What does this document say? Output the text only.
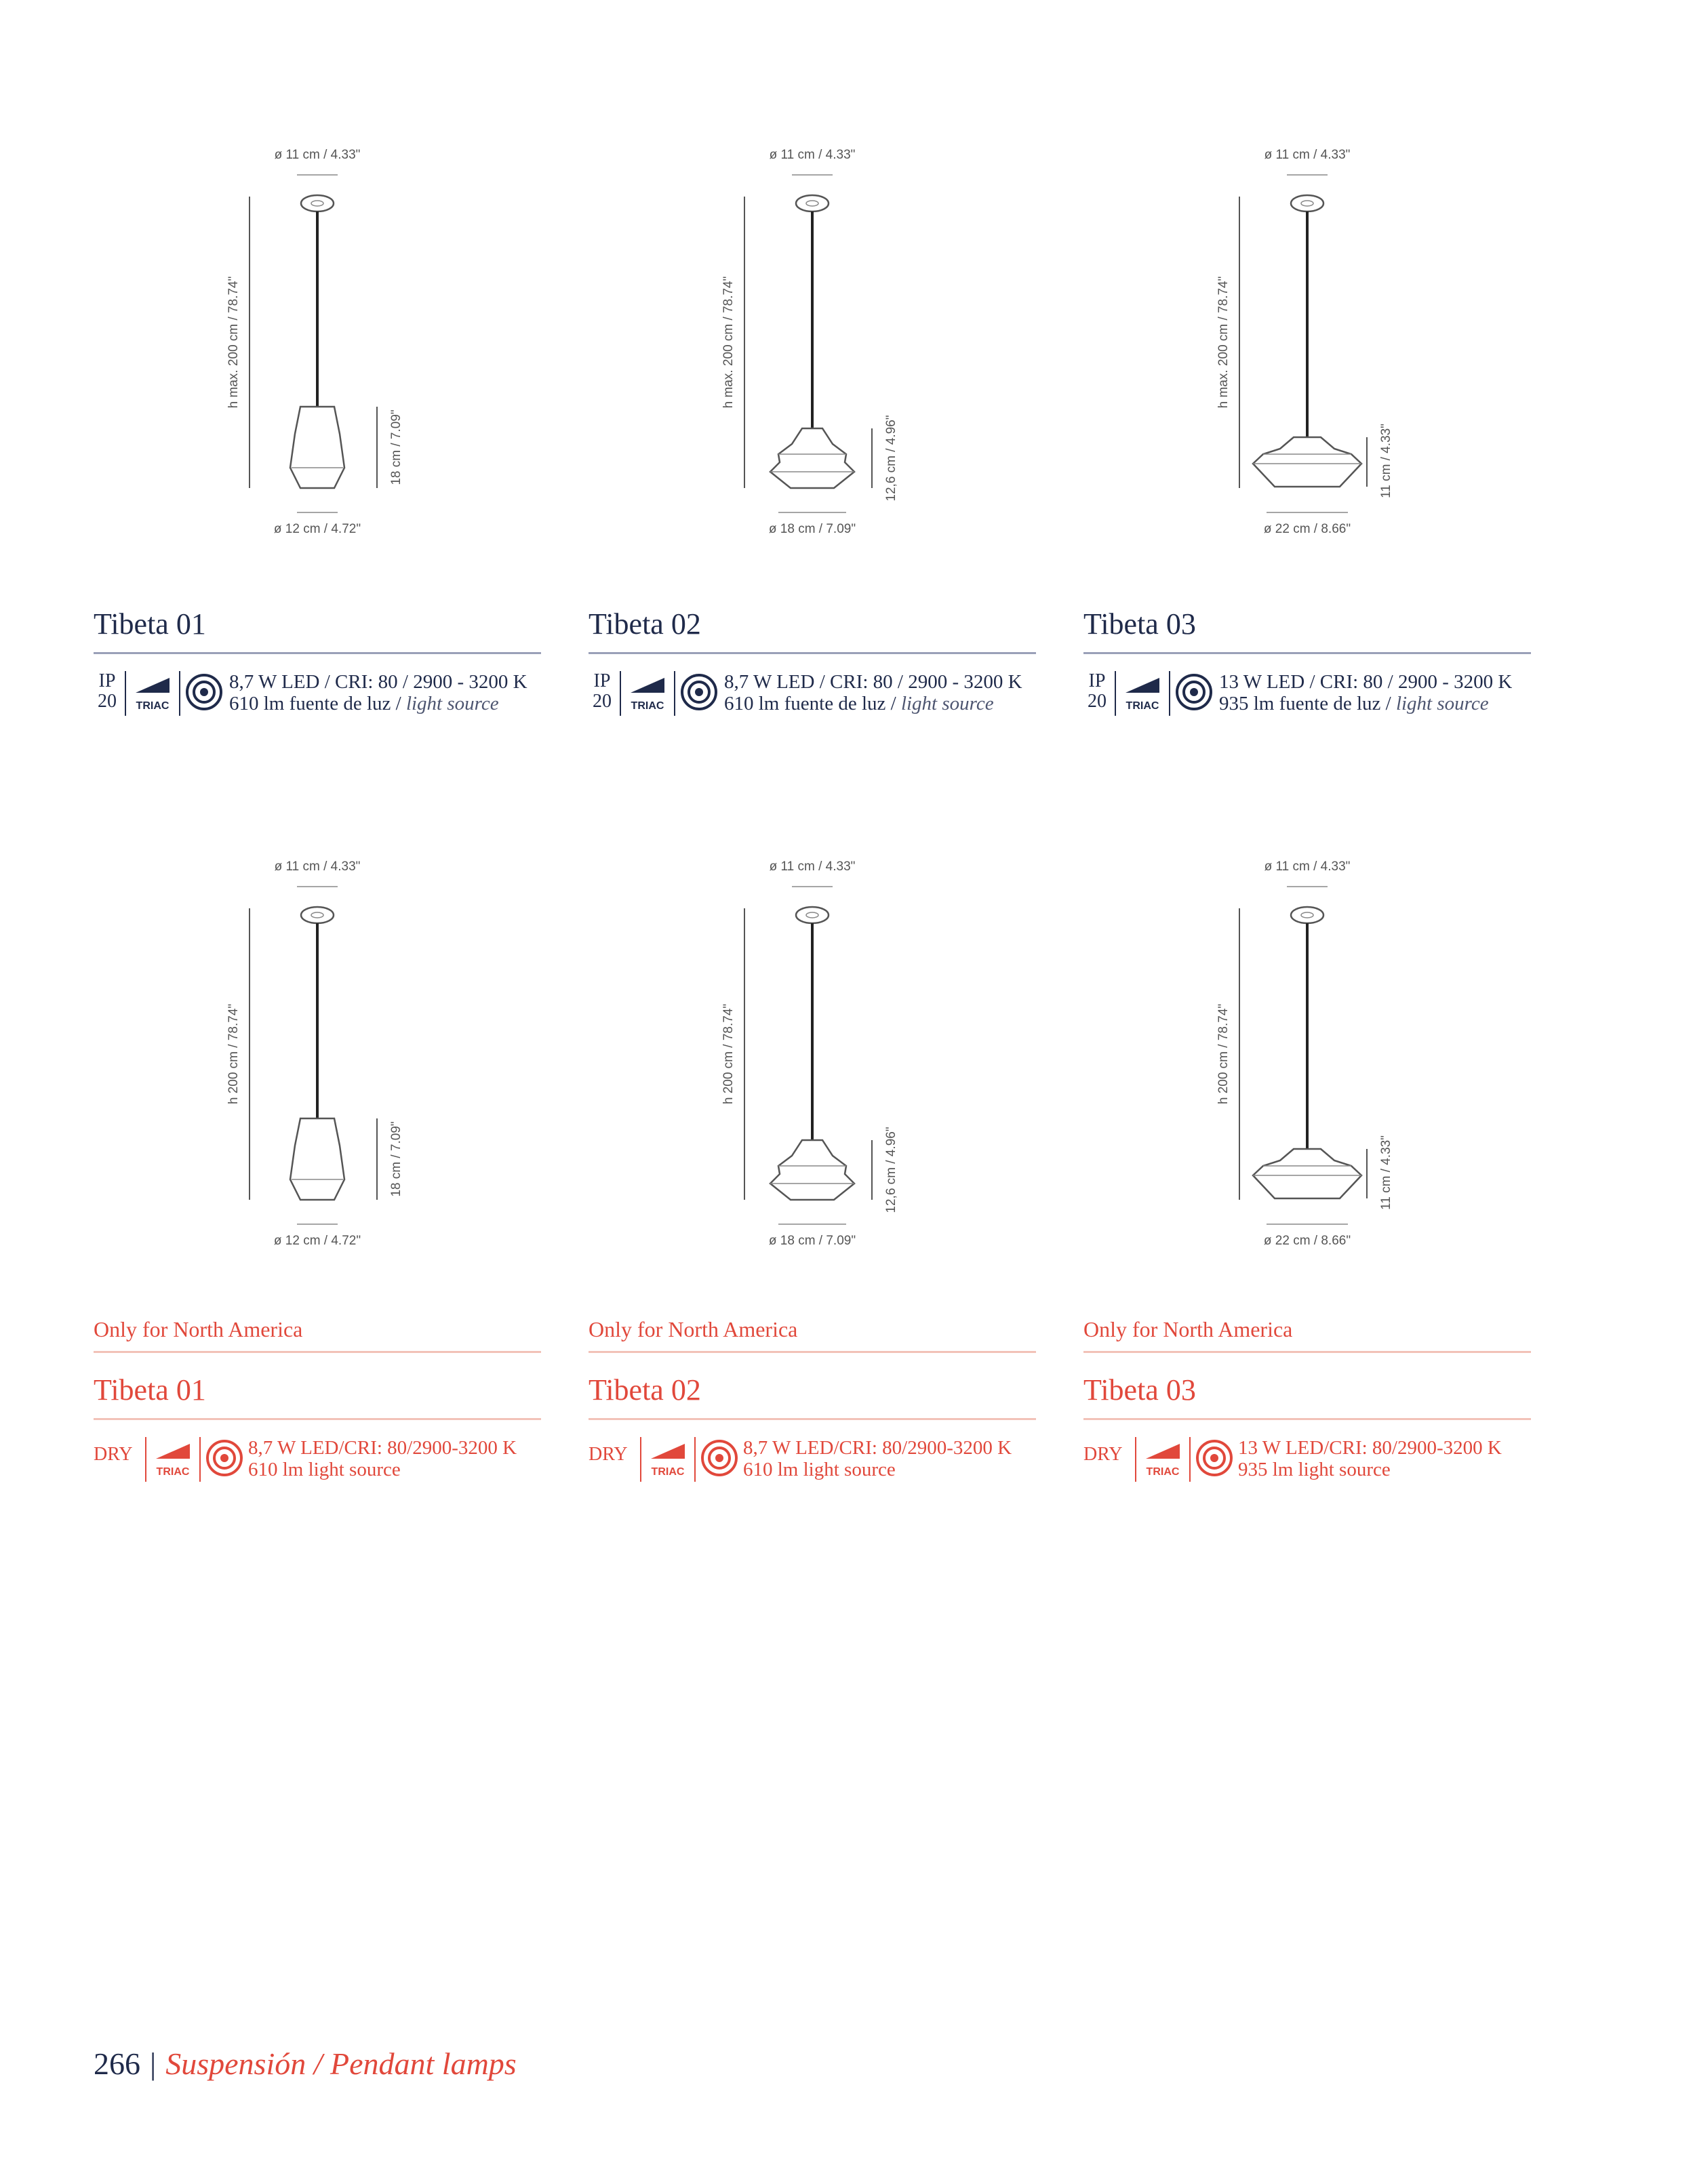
ø 11 cm / 4.33"
h max. 200 cm / 78.74"
18 cm / 7.09"
ø 12 cm / 4.72"
Tibeta 01
IP
20	TRIAC
8,7 W LED / CRI: 80 / 2900 - 3200 K
610 lm fuente de luz / light source
ø 11 cm / 4.33"
h max. 200 cm / 78.74"
12,6 cm / 4.96"
ø 18 cm / 7.09"
Tibeta 02
IP
20	TRIAC
8,7 W LED / CRI: 80 / 2900 - 3200 K
610 lm fuente de luz / light source
ø 11 cm / 4.33"
h max. 200 cm / 78.74"
11 cm / 4.33"
ø 22 cm / 8.66"
Tibeta 03
IP
20	TRIAC
13 W LED / CRI: 80 / 2900 - 3200 K
935 lm fuente de luz / light source
ø 11 cm / 4.33"
h 200 cm / 78.74"
18 cm / 7.09"
ø 12 cm / 4.72"
Only for North America
Tibeta 01
DRY
TRIAC
8,7 W LED/CRI: 80/2900-3200 K
610 lm light source
ø 11 cm / 4.33"
h 200 cm / 78.74"
12,6 cm / 4.96"
ø 18 cm / 7.09"
Only for North America
Tibeta 02
DRY
TRIAC
8,7 W LED/CRI: 80/2900-3200 K
610 lm light source
ø 11 cm / 4.33"
h 200 cm / 78.74"
11 cm / 4.33"
ø 22 cm / 8.66"
Only for North America
Tibeta 03
DRY
TRIAC
13 W LED/CRI: 80/2900-3200 K
935 lm light source
266 | Suspensión / Pendant lamps
